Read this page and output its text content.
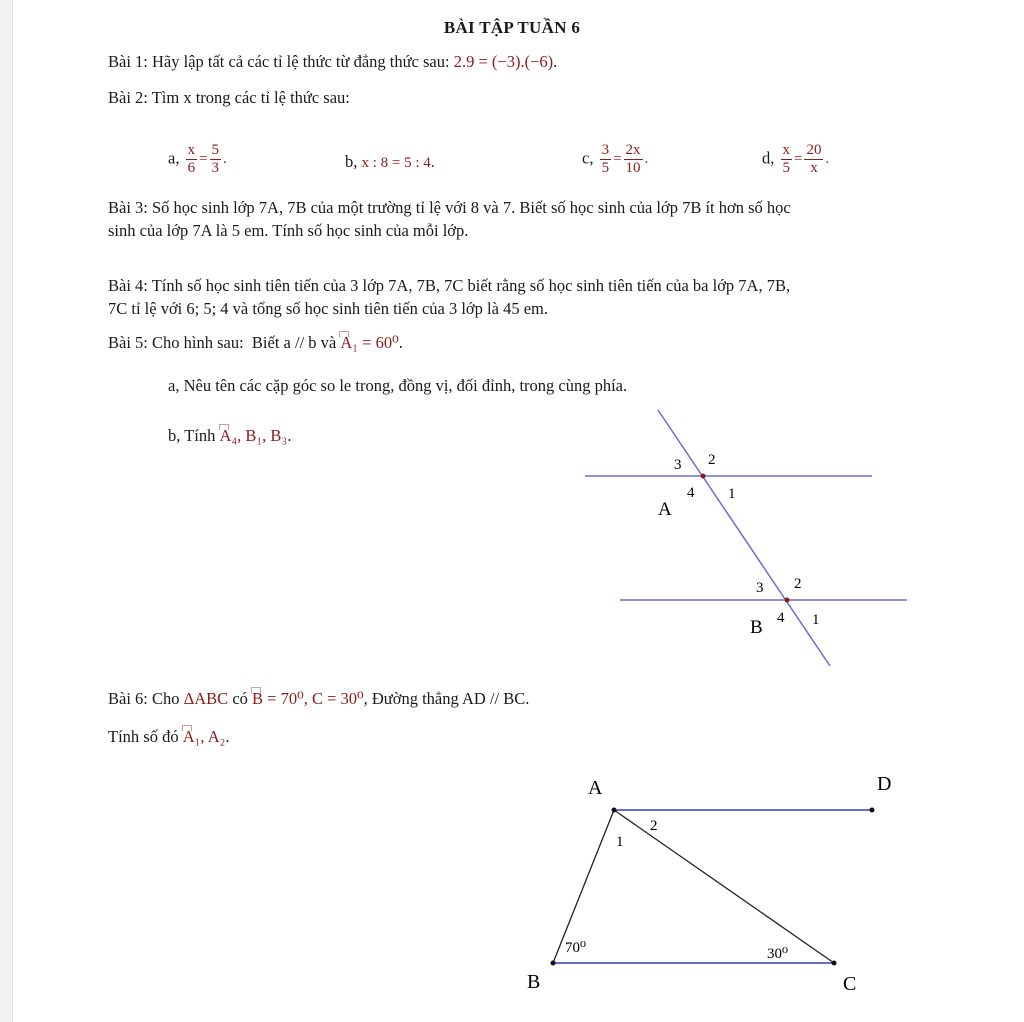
BÀI TẬP TUẦN 6
Bài 1: Hãy lập tất cả các tỉ lệ thức từ đẳng thức sau: 2.9 = (−3).(−6).
Bài 2: Tìm x trong các tỉ lệ thức sau:
a, $\frac{x}{6} = \frac{5}{3}$ .	b, x : 8 = 5 : 4.	c, $\frac{3}{5} = \frac{2x}{10}$ .	d, $\frac{x}{5} = \frac{20}{x}$ .
Bài 3: Số học sinh lớp 7A, 7B của một trường tỉ lệ với 8 và 7. Biết số học sinh của lớp 7B ít hơn số học
sinh của lớp 7A là 5 em. Tính số học sinh của mỗi lớp.
Bài 4: Tính số học sinh tiên tiến của 3 lớp 7A, 7B, 7C biết rằng số học sinh tiên tiến của ba lớp 7A, 7B,
7C tỉ lệ với 6; 5; 4 và tổng số học sinh tiên tiến của 3 lớp là 45 em.
Bài 5: Cho hình sau: Biết a // b và A₁ = 60⁰.
a, Nêu tên các cặp góc so le trong, đồng vị, đối đỉnh, trong cùng phía.
b, Tính A₄, B₁, B₃.
3 2
4 1
A
3 2
4 1
B
Bài 6: Cho ΔABC có B = 70⁰, C = 30⁰, Đường thẳng AD // BC.
Tính số đó A₁, A₂.
A	D
B	C
1
2
70⁰	30⁰
